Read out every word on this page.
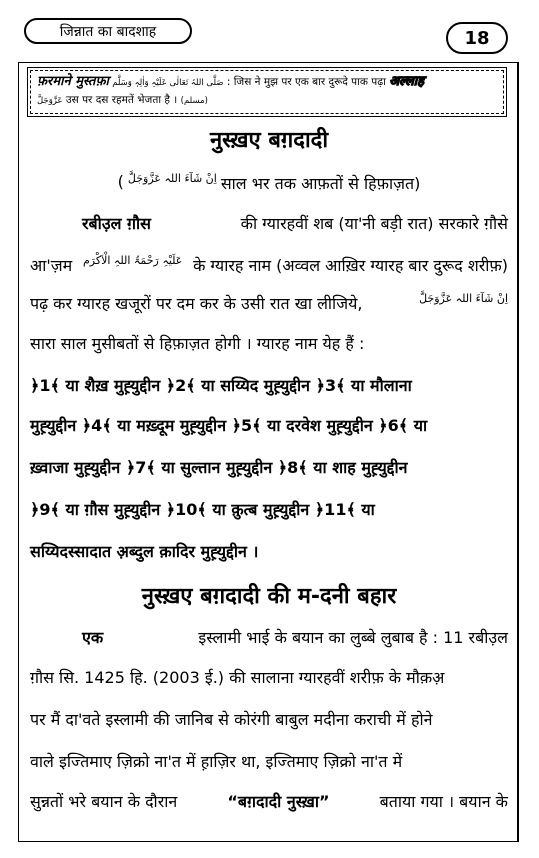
जिन्नात का बादशाह	18
फ़रमाने मुस्तफ़ा صَلَّی اللہُ تَعَالٰی عَلَیْہِ وَاٰلِہٖ وَسَلَّم : जिस ने मुझ पर एक बार दुरूदे पाक पढ़ा अल्लाह
عَزَّوَجَلَّ उस पर दस रहमतें भेजता है । (مسلم)
नुस्ख़ए बग़दादी
( اِنْ شَآءَ اللہ عَزَّوَجَلَّ साल भर तक आफ़तों से हिफ़ाज़त)
रबीउ़ल ग़ौस	की ग्यारहवीं शब (या'नी बड़ी रात) सरकारे ग़ौसे
आ'ज़म عَلَیْہِ رَحْمَۃُ اللہِ الْاَکْرَم के ग्यारह नाम (अव्वल आख़िर ग्यारह बार दुरूद शरीफ़)
पढ़ कर ग्यारह खजूरों पर दम कर के उसी रात खा लीजिये,	اِنْ شَآءَ اللہ عَزَّوَجَلَّ
सारा साल मुसीबतों से हिफ़ाज़त होगी । ग्यारह नाम येह हैं :
﴿1﴾ या शैख़ मुह़्युद्दीन ﴿2﴾ या सय्यिद मुह़्युद्दीन ﴿3﴾ या मौलाना
मुह़्युद्दीन ﴿4﴾ या मख़्दूम मुह़्युद्दीन ﴿5﴾ या दरवेश मुह़्युद्दीन ﴿6﴾ या
ख़्वाजा मुह़्युद्दीन ﴿7﴾ या सुल्तान मुह़्युद्दीन ﴿8﴾ या शाह मुह़्युद्दीन
﴿9﴾ या ग़ौस मुह़्युद्दीन ﴿10﴾ या क़ुत्ब मुह़्युद्दीन ﴿11﴾ या
सय्यिदस्सादात अ़ब्दुल क़ादिर मुह़्युद्दीन ।
नुस्ख़ए बग़दादी की म-दनी बहार
एक	इस्लामी भाई के बयान का लुब्बे लुबाब है : 11 रबीउ़ल
ग़ौस सि. 1425 हि. (2003 ई.) की सालाना ग्यारहवीं शरीफ़ के मौक़अ़
पर मैं दा'वते इस्लामी की जानिब से कोरंगी बाबुल मदीना कराची में होने
वाले इज्तिमाए ज़िक्रो ना'त में ह़ाज़िर था, इज्तिमाए ज़िक्रो ना'त में
सुन्नतों भरे बयान के दौरान	“बग़दादी नुस्ख़ा”	बताया गया । बयान के
